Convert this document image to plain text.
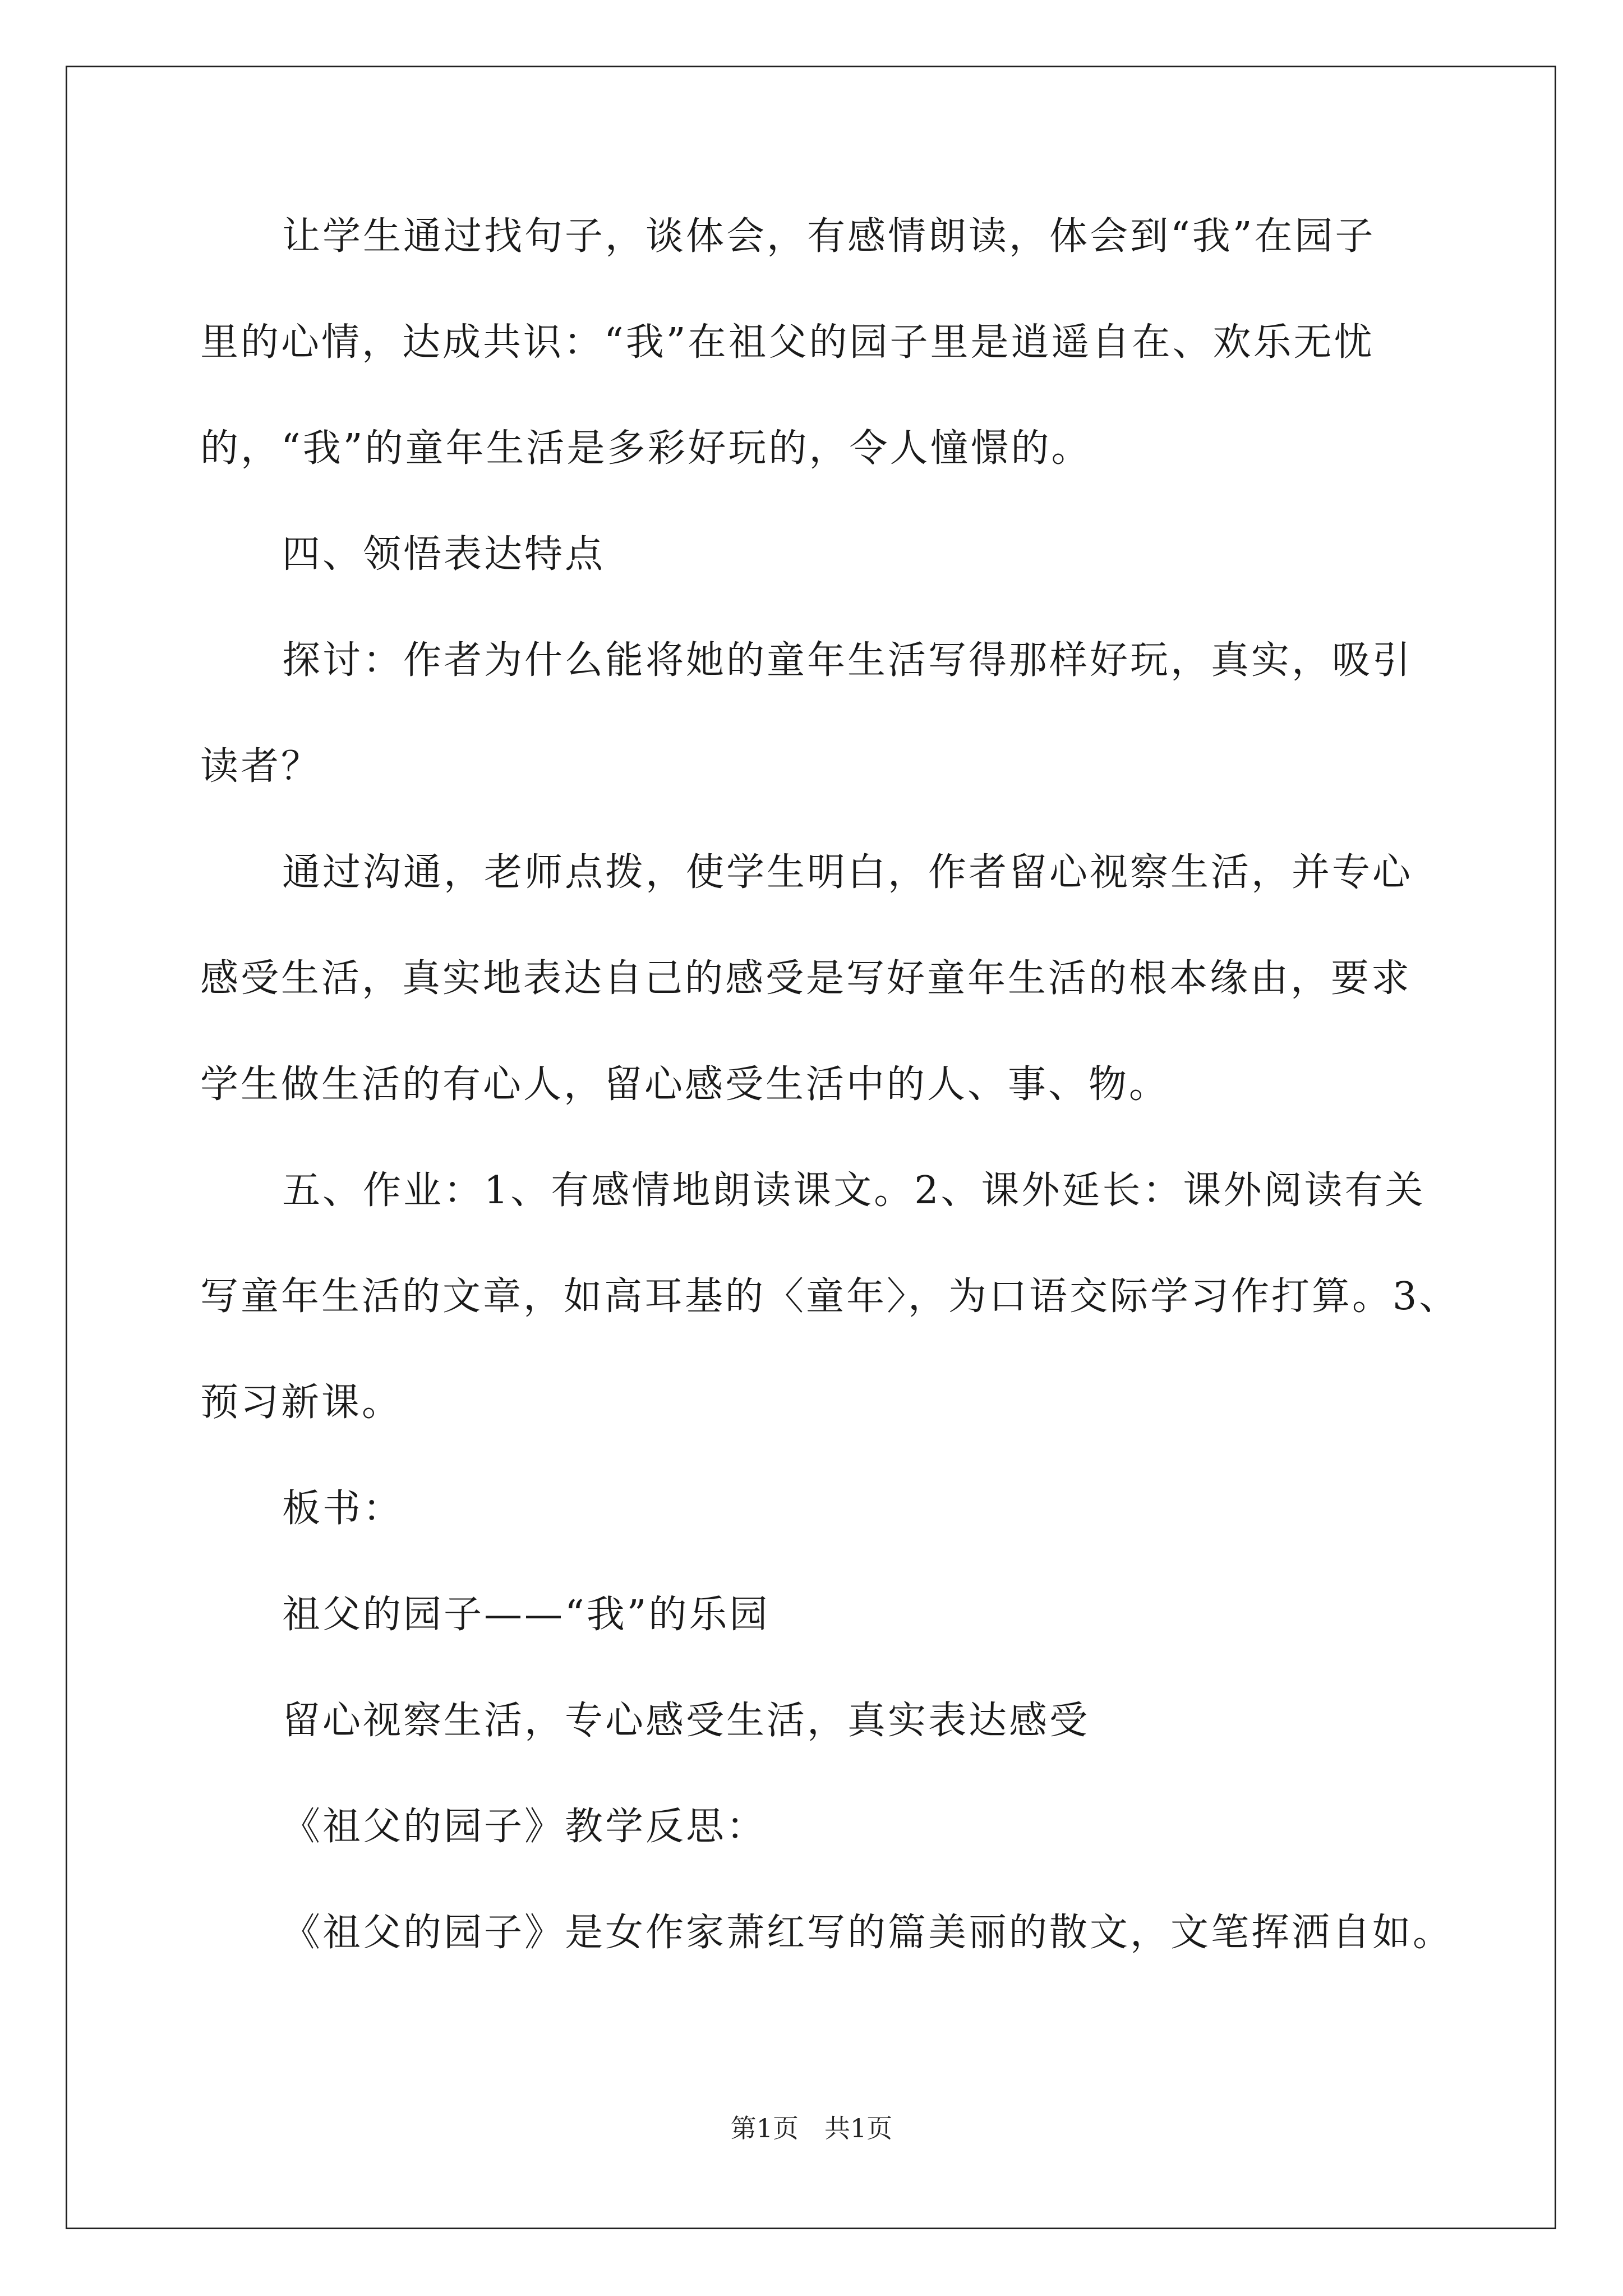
让学生通过找句子，谈体会，有感情朗读，体会到“我”在园子
里的心情，达成共识：“我”在祖父的园子里是逍遥自在、欢乐无忧
的，“我”的童年生活是多彩好玩的，令人憧憬的。
四、领悟表达特点
探讨：作者为什么能将她的童年生活写得那样好玩，真实，吸引
读者？
通过沟通，老师点拨，使学生明白，作者留心视察生活，并专心
感受生活，真实地表达自己的感受是写好童年生活的根本缘由，要求
学生做生活的有心人，留心感受生活中的人、事、物。
五、作业：1、有感情地朗读课文。2、课外延长：课外阅读有关
写童年生活的文章，如高耳基的〈童年〉，为口语交际学习作打算。3、
预习新课。
板书：
祖父的园子——“我”的乐园
留心视察生活，专心感受生活，真实表达感受
《祖父的园子》教学反思：
《祖父的园子》是女作家萧红写的篇美丽的散文，文笔挥洒自如。
第1页　共1页
